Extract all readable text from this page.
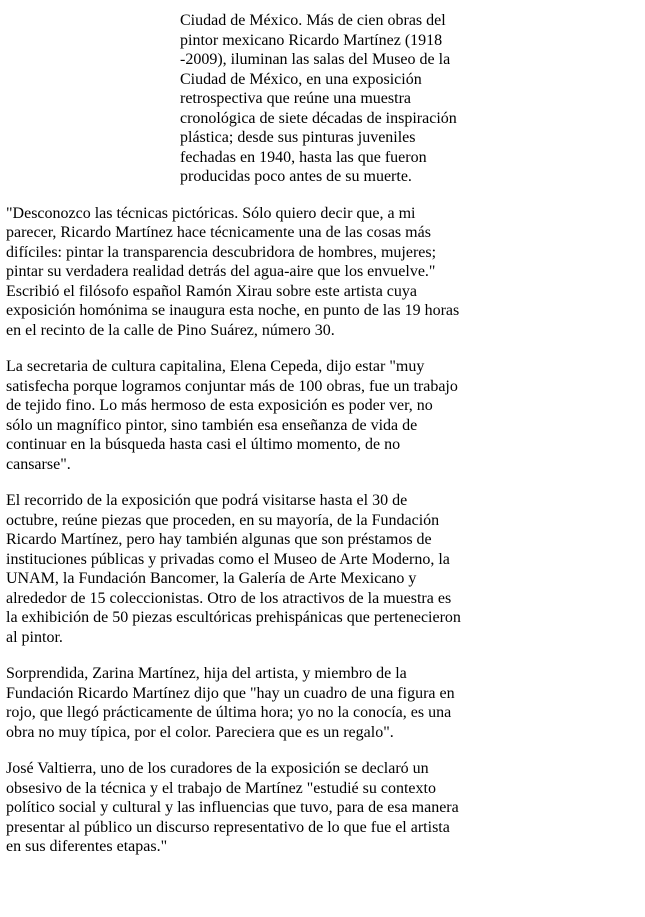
Ciudad de México. Más de cien obras del pintor mexicano Ricardo Martínez (1918 -2009), iluminan las salas del Museo de la Ciudad de México, en una exposición retrospectiva que reúne una muestra cronológica de siete décadas de inspiración plástica; desde sus pinturas juveniles fechadas en 1940, hasta las que fueron producidas poco antes de su muerte.

"Desconozco las técnicas pictóricas. Sólo quiero decir que, a mi parecer, Ricardo Martínez hace técnicamente una de las cosas más difíciles: pintar la transparencia descubridora de hombres, mujeres; pintar su verdadera realidad detrás del agua-aire que los envuelve." Escribió el filósofo español Ramón Xirau sobre este artista cuya exposición homónima se inaugura esta noche, en punto de las 19 horas en el recinto de la calle de Pino Suárez, número 30.

La secretaria de cultura capitalina, Elena Cepeda, dijo estar "muy satisfecha porque logramos conjuntar más de 100 obras, fue un trabajo de tejido fino. Lo más hermoso de esta exposición es poder ver, no sólo un magnífico pintor, sino también esa enseñanza de vida de continuar en la búsqueda hasta casi el último momento, de no cansarse".

El recorrido de la exposición que podrá visitarse hasta el 30 de octubre, reúne piezas que proceden, en su mayoría, de la Fundación Ricardo Martínez, pero hay también algunas que son préstamos de instituciones públicas y privadas como el Museo de Arte Moderno, la UNAM, la Fundación Bancomer, la Galería de Arte Mexicano y alrededor de 15 coleccionistas. Otro de los atractivos de la muestra es la exhibición de 50 piezas escultóricas prehispánicas que pertenecieron al pintor.

Sorprendida, Zarina Martínez, hija del artista, y miembro de la Fundación Ricardo Martínez dijo que "hay un cuadro de una figura en rojo, que llegó prácticamente de última hora; yo no la conocía, es una obra no muy típica, por el color. Pareciera que es un regalo".

José Valtierra, uno de los curadores de la exposición se declaró un obsesivo de la técnica y el trabajo de Martínez "estudié su contexto político social y cultural y las influencias que tuvo, para de esa manera presentar al público un discurso representativo de lo que fue el artista en sus diferentes etapas."
